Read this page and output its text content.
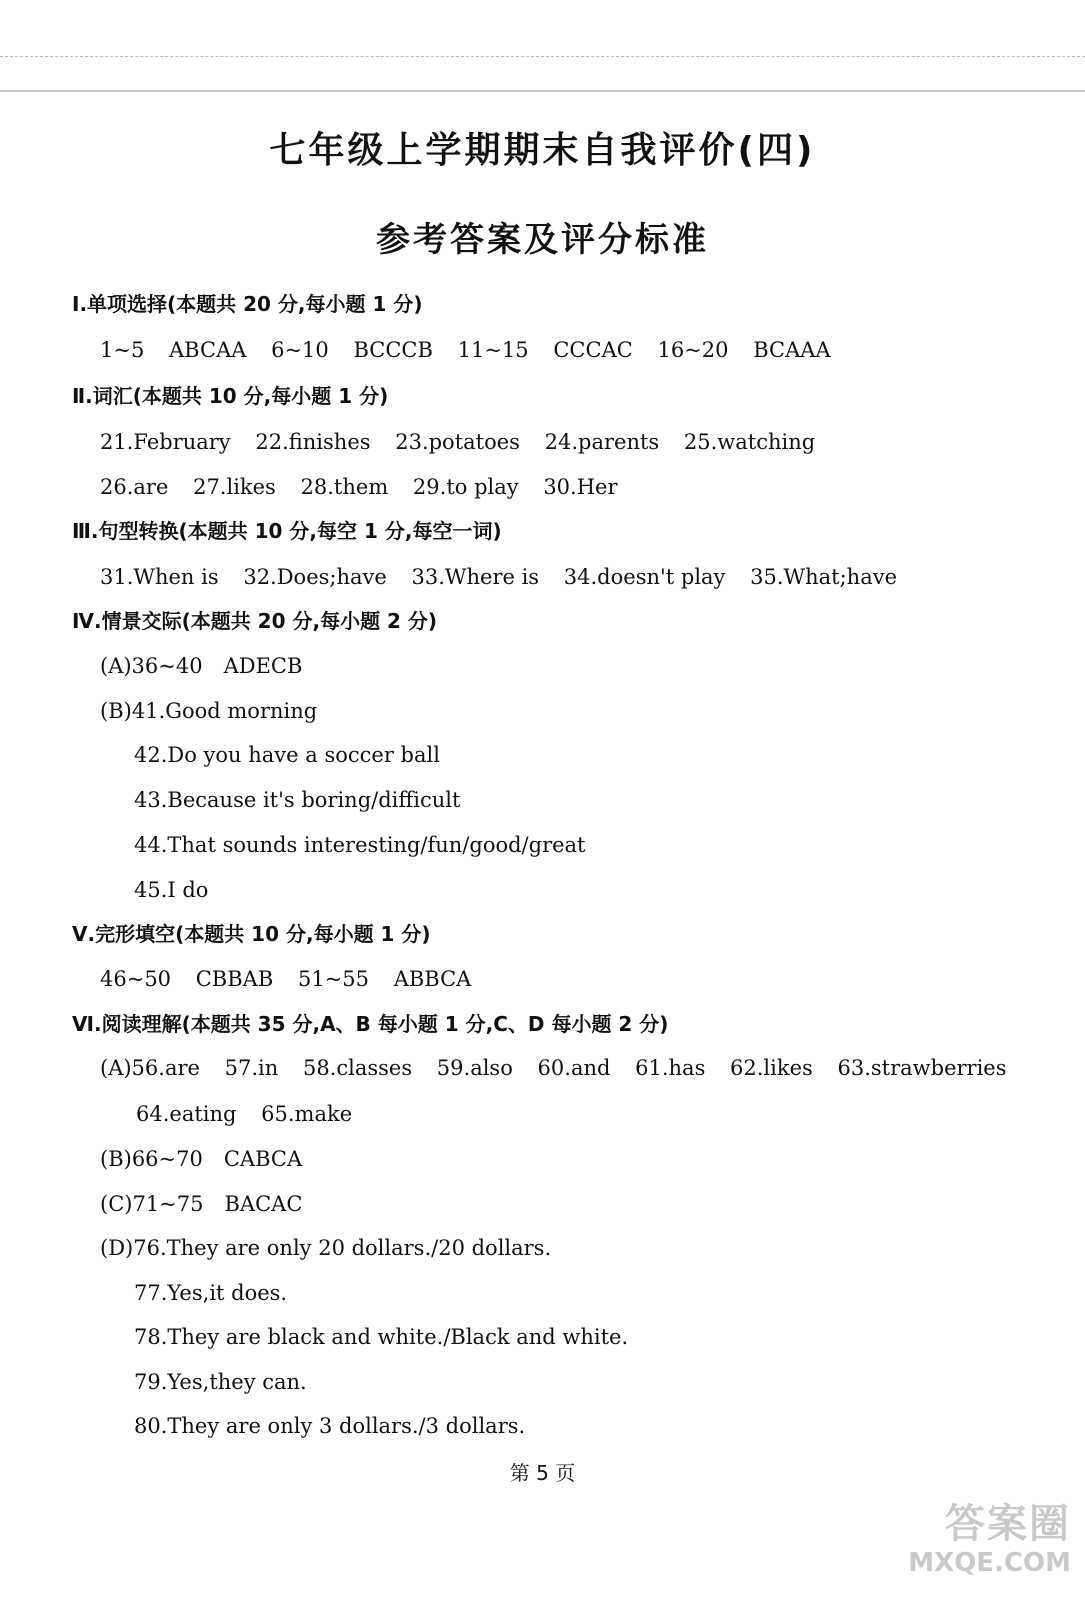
七年级上学期期末自我评价(四)
参考答案及评分标准
Ⅰ.单项选择(本题共 20 分,每小题 1 分)
1~5 ABCAA 6~10 BCCCB 11~15 CCCAC 16~20 BCAAA
Ⅱ.词汇(本题共 10 分,每小题 1 分)
21.February 22.finishes 23.potatoes 24.parents 25.watching
26.are 27.likes 28.them 29.to play 30.Her
Ⅲ.句型转换(本题共 10 分,每空 1 分,每空一词)
31.When is 32.Does;have 33.Where is 34.doesn't play 35.What;have
Ⅳ.情景交际(本题共 20 分,每小题 2 分)
(A)36~40　ADECB
(B)41.Good morning
42.Do you have a soccer ball
43.Because it's boring/difficult
44.That sounds interesting/fun/good/great
45.I do
Ⅴ.完形填空(本题共 10 分,每小题 1 分)
46~50 CBBAB 51~55 ABBCA
Ⅵ.阅读理解(本题共 35 分,A、B 每小题 1 分,C、D 每小题 2 分)
(A)56.are 57.in 58.classes 59.also 60.and 61.has 62.likes 63.strawberries
64.eating 65.make
(B)66~70　CABCA
(C)71~75　BACAC
(D)76.They are only 20 dollars./20 dollars.
77.Yes,it does.
78.They are black and white./Black and white.
79.Yes,they can.
80.They are only 3 dollars./3 dollars.
第 5 页
答案圈
MXQE.COM
